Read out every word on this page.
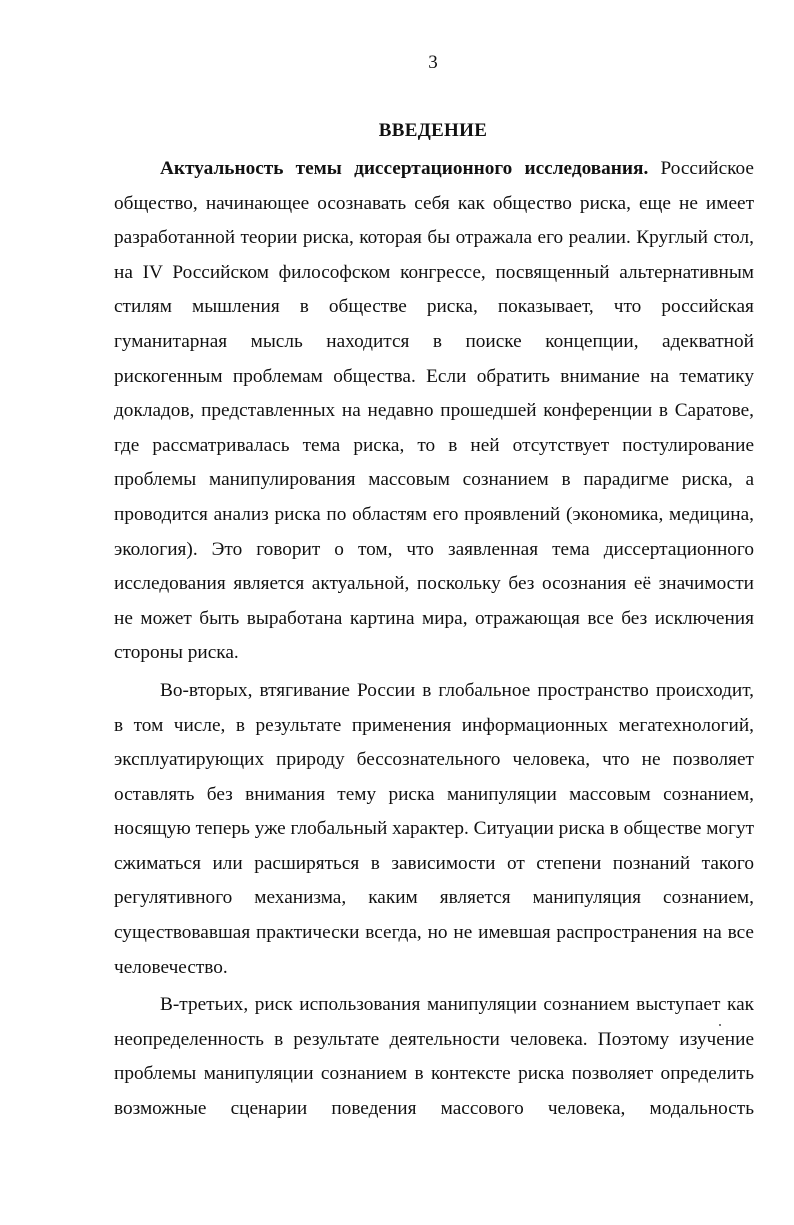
3
ВВЕДЕНИЕ
Актуальность темы диссертационного исследования. Российское
общество, начинающее осознавать себя как общество риска, еще не имеет
разработанной теории риска, которая бы отражала его реалии. Круглый стол,
на IV Российском философском конгрессе, посвященный альтернативным
стилям мышления в обществе риска, показывает, что российская
гуманитарная мысль находится в поиске концепции, адекватной
рискогенным проблемам общества. Если обратить внимание на тематику
докладов, представленных на недавно прошедшей конференции в Саратове,
где рассматривалась тема риска, то в ней отсутствует постулирование
проблемы манипулирования массовым сознанием в парадигме риска, а
проводится анализ риска по областям его проявлений (экономика, медицина,
экология). Это говорит о том, что заявленная тема диссертационного
исследования является актуальной, поскольку без осознания её значимости
не может быть выработана картина мира, отражающая все без исключения
стороны риска.
Во-вторых, втягивание России в глобальное пространство происходит,
в том числе, в результате применения информационных мегатехнологий,
эксплуатирующих природу бессознательного человека, что не позволяет
оставлять без внимания тему риска манипуляции массовым сознанием,
носящую теперь уже глобальный характер. Ситуации риска в обществе могут
сжиматься или расширяться в зависимости от степени познаний такого
регулятивного механизма, каким является манипуляция сознанием,
существовавшая практически всегда, но не имевшая распространения на все
человечество.
В-третьих, риск использования манипуляции сознанием выступает как
неопределенность в результате деятельности человека. Поэтому изучение
проблемы манипуляции сознанием в контексте риска позволяет определить
возможные сценарии поведения массового человека, модальность
